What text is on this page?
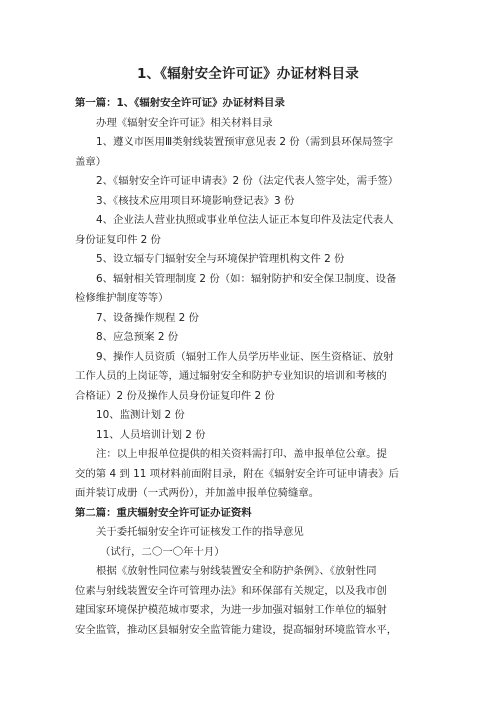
1、《辐射安全许可证》办证材料目录
第一篇：1、《辐射安全许可证》办证材料目录
办理《辐射安全许可证》相关材料目录
1、遵义市医用Ⅲ类射线装置预审意见表 2 份（需到县环保局签字
盖章）
2、《辐射安全许可证申请表》2 份（法定代表人签字处，需手签）
3、《核技术应用项目环境影响登记表》3 份
4、企业法人营业执照或事业单位法人证正本复印件及法定代表人
身份证复印件 2 份
5、设立辐专门辐射安全与环境保护管理机构文件 2 份
6、辐射相关管理制度 2 份（如：辐射防护和安全保卫制度、设备
检修维护制度等等）
7、设备操作规程 2 份
8、应急预案 2 份
9、操作人员资质（辐射工作人员学历毕业证、医生资格证、放射
工作人员的上岗证等，通过辐射安全和防护专业知识的培训和考核的
合格证）2 份及操作人员身份证复印件 2 份
10、监测计划 2 份
11、人员培训计划 2 份
注：以上申报单位提供的相关资料需打印、盖申报单位公章。提
交的第 4 到 11 项材料前面附目录，附在《辐射安全许可证申请表》后
面并装订成册（一式两份），并加盖申报单位骑缝章。
第二篇：重庆辐射安全许可证办证资料
关于委托辐射安全许可证核发工作的指导意见
（试行，二〇一〇年十月）
根据《放射性同位素与射线装置安全和防护条例》、《放射性同
位素与射线装置安全许可管理办法》和环保部有关规定，以及我市创
建国家环境保护模范城市要求，为进一步加强对辐射工作单位的辐射
安全监管，推动区县辐射安全监管能力建设，提高辐射环境监管水平，
